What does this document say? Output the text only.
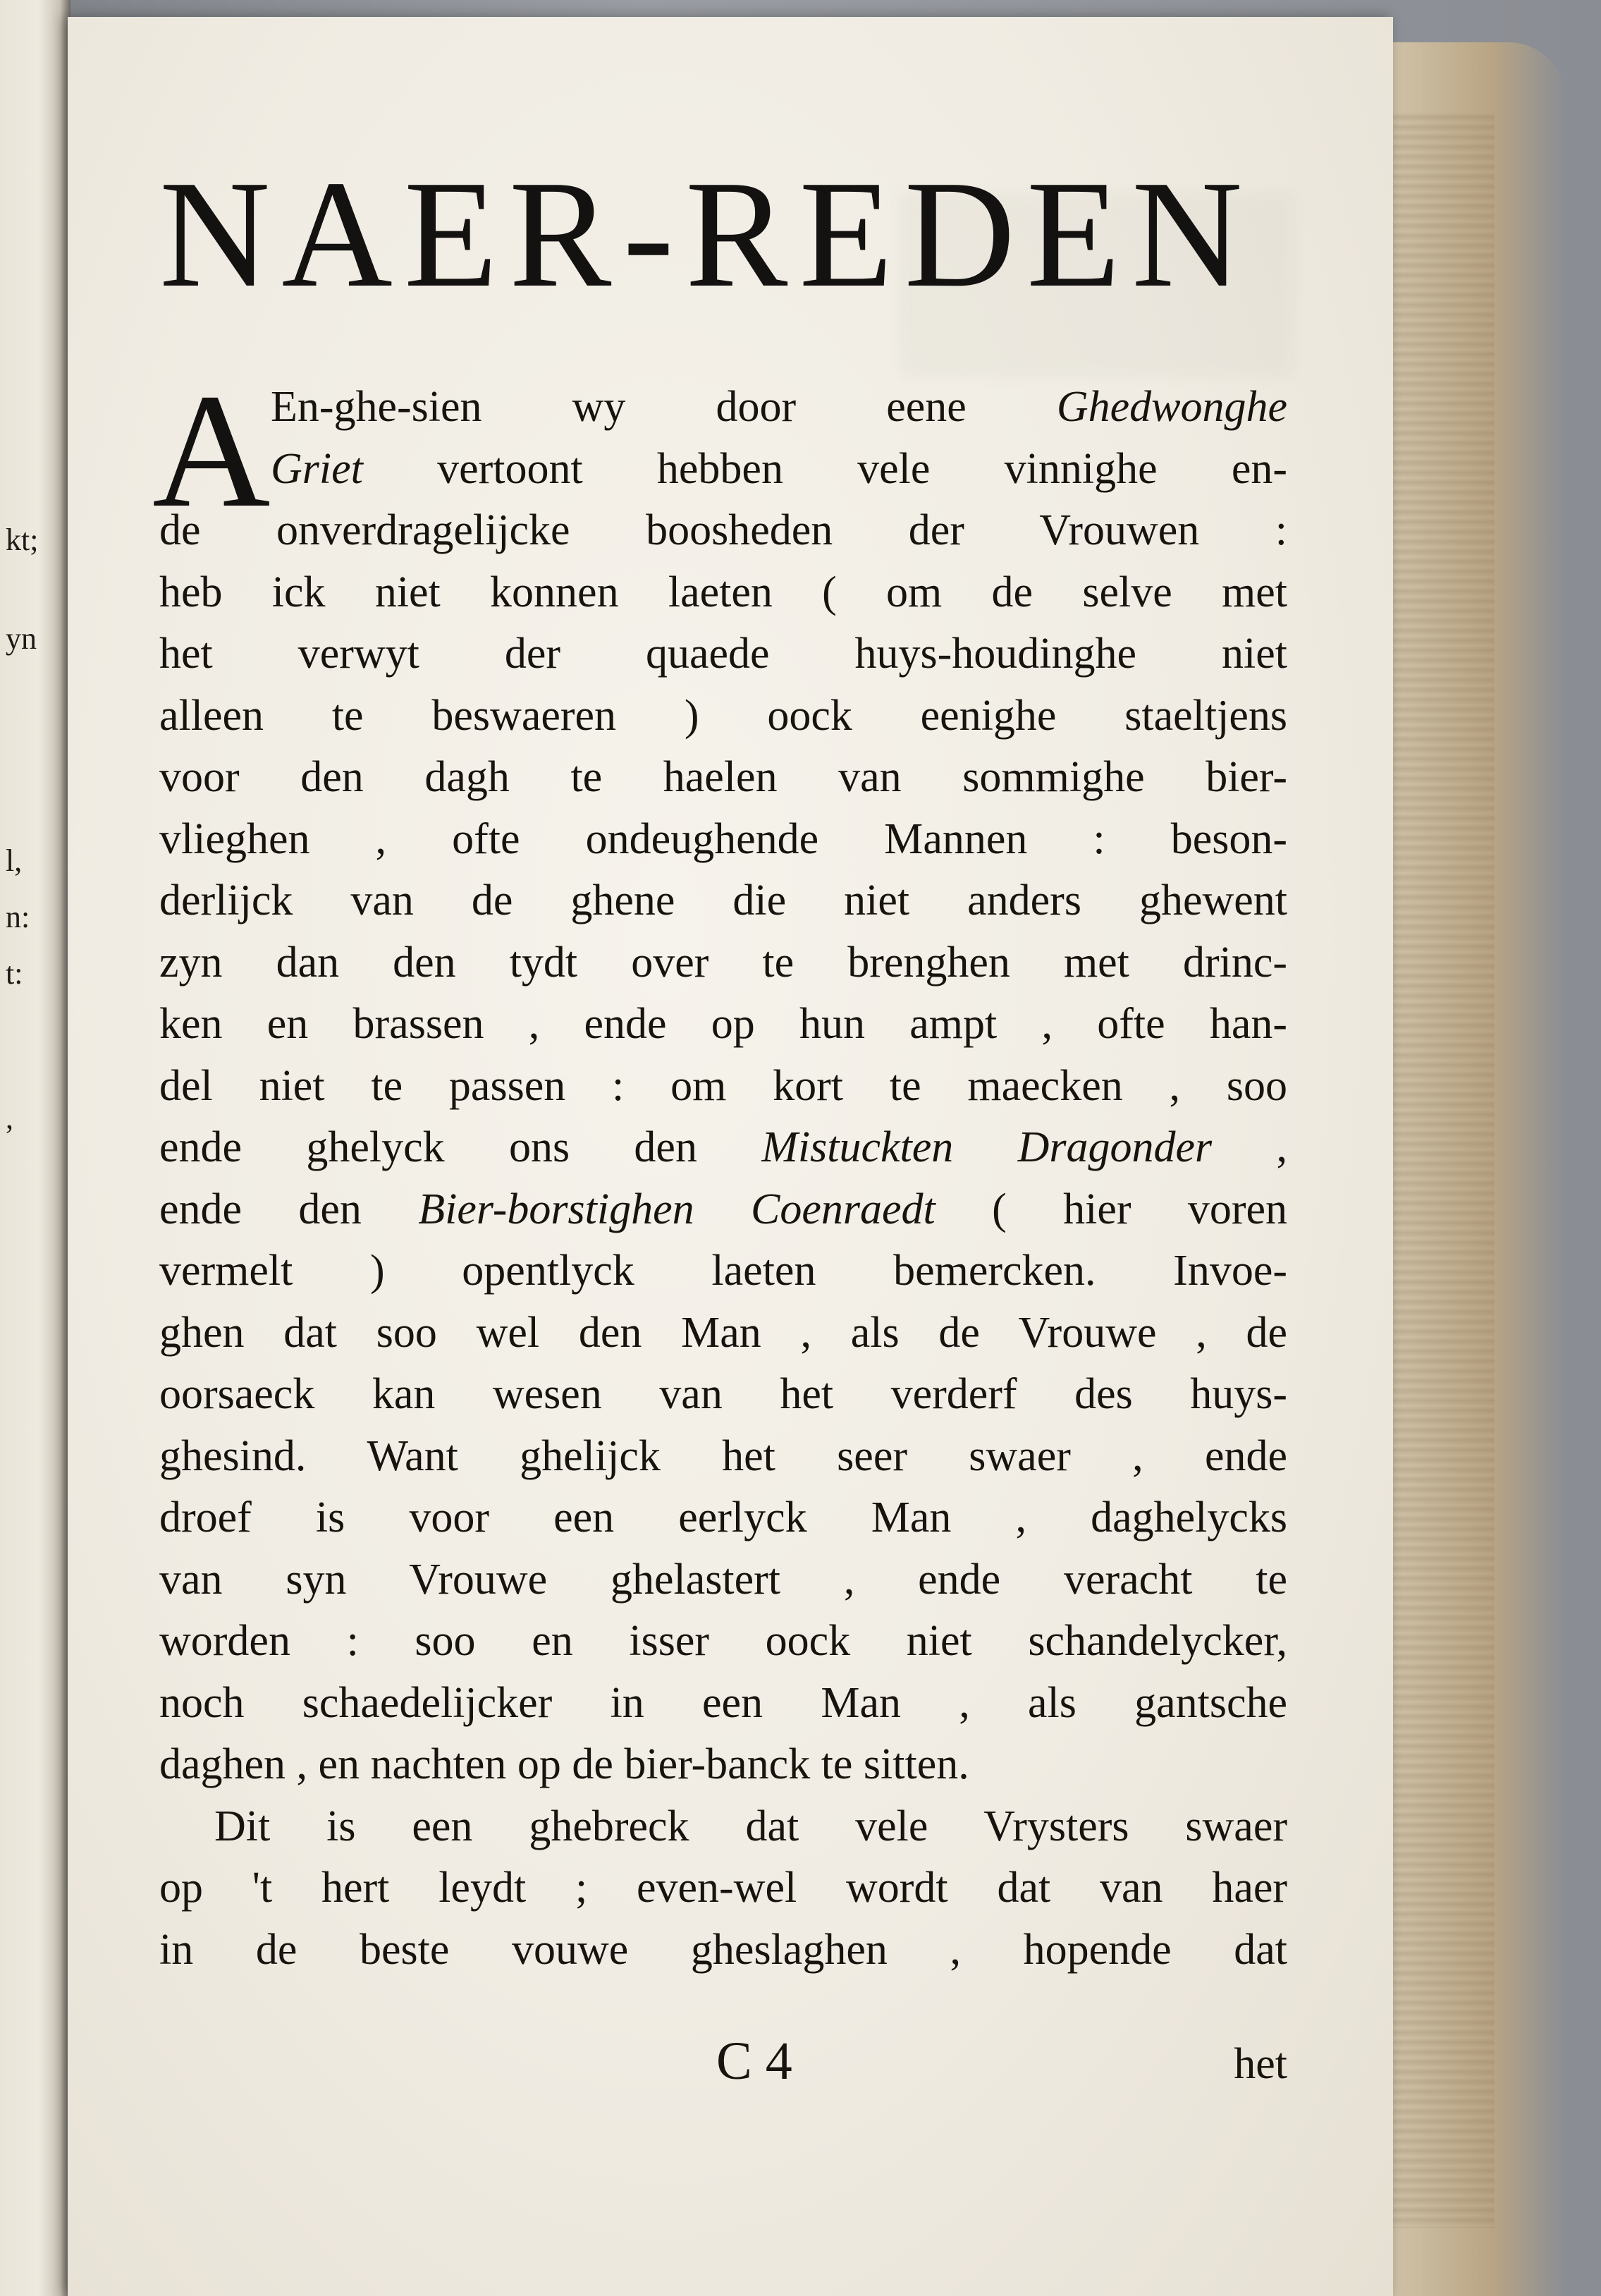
kt;
yn
l,
n:
t:
,
NAER-REDEN
A En-ghe-sien wy door eene Ghedwonghe
Griet vertoont hebben vele vinnighe en-
de onverdragelijcke boosheden der Vrouwen :
heb ick niet konnen laeten ( om de selve met
het verwyt der quaede huys-houdinghe niet
alleen te beswaeren ) oock eenighe staeltjens
voor den dagh te haelen van sommighe bier-
vlieghen , ofte ondeughende Mannen : beson-
derlijck van de ghene die niet anders ghewent
zyn dan den tydt over te brenghen met drinc-
ken en brassen , ende op hun ampt , ofte han-
del niet te passen : om kort te maecken , soo
ende ghelyck ons den Mistuckten Dragonder ,
ende den Bier-borstighen Coenraedt ( hier voren
vermelt ) opentlyck laeten bemercken. Invoe-
ghen dat soo wel den Man , als de Vrouwe , de
oorsaeck kan wesen van het verderf des huys-
ghesind. Want ghelijck het seer swaer , ende
droef is voor een eerlyck Man , daghelycks
van syn Vrouwe ghelastert , ende veracht te
worden : soo en isser oock niet schandelycker,
noch schaedelijcker in een Man , als gantsche
daghen , en nachten op de bier-banck te sitten.
Dit is een ghebreck dat vele Vrysters swaer
op 't hert leydt ; even-wel wordt dat van haer
in de beste vouwe gheslaghen , hopende dat
C 4	het
